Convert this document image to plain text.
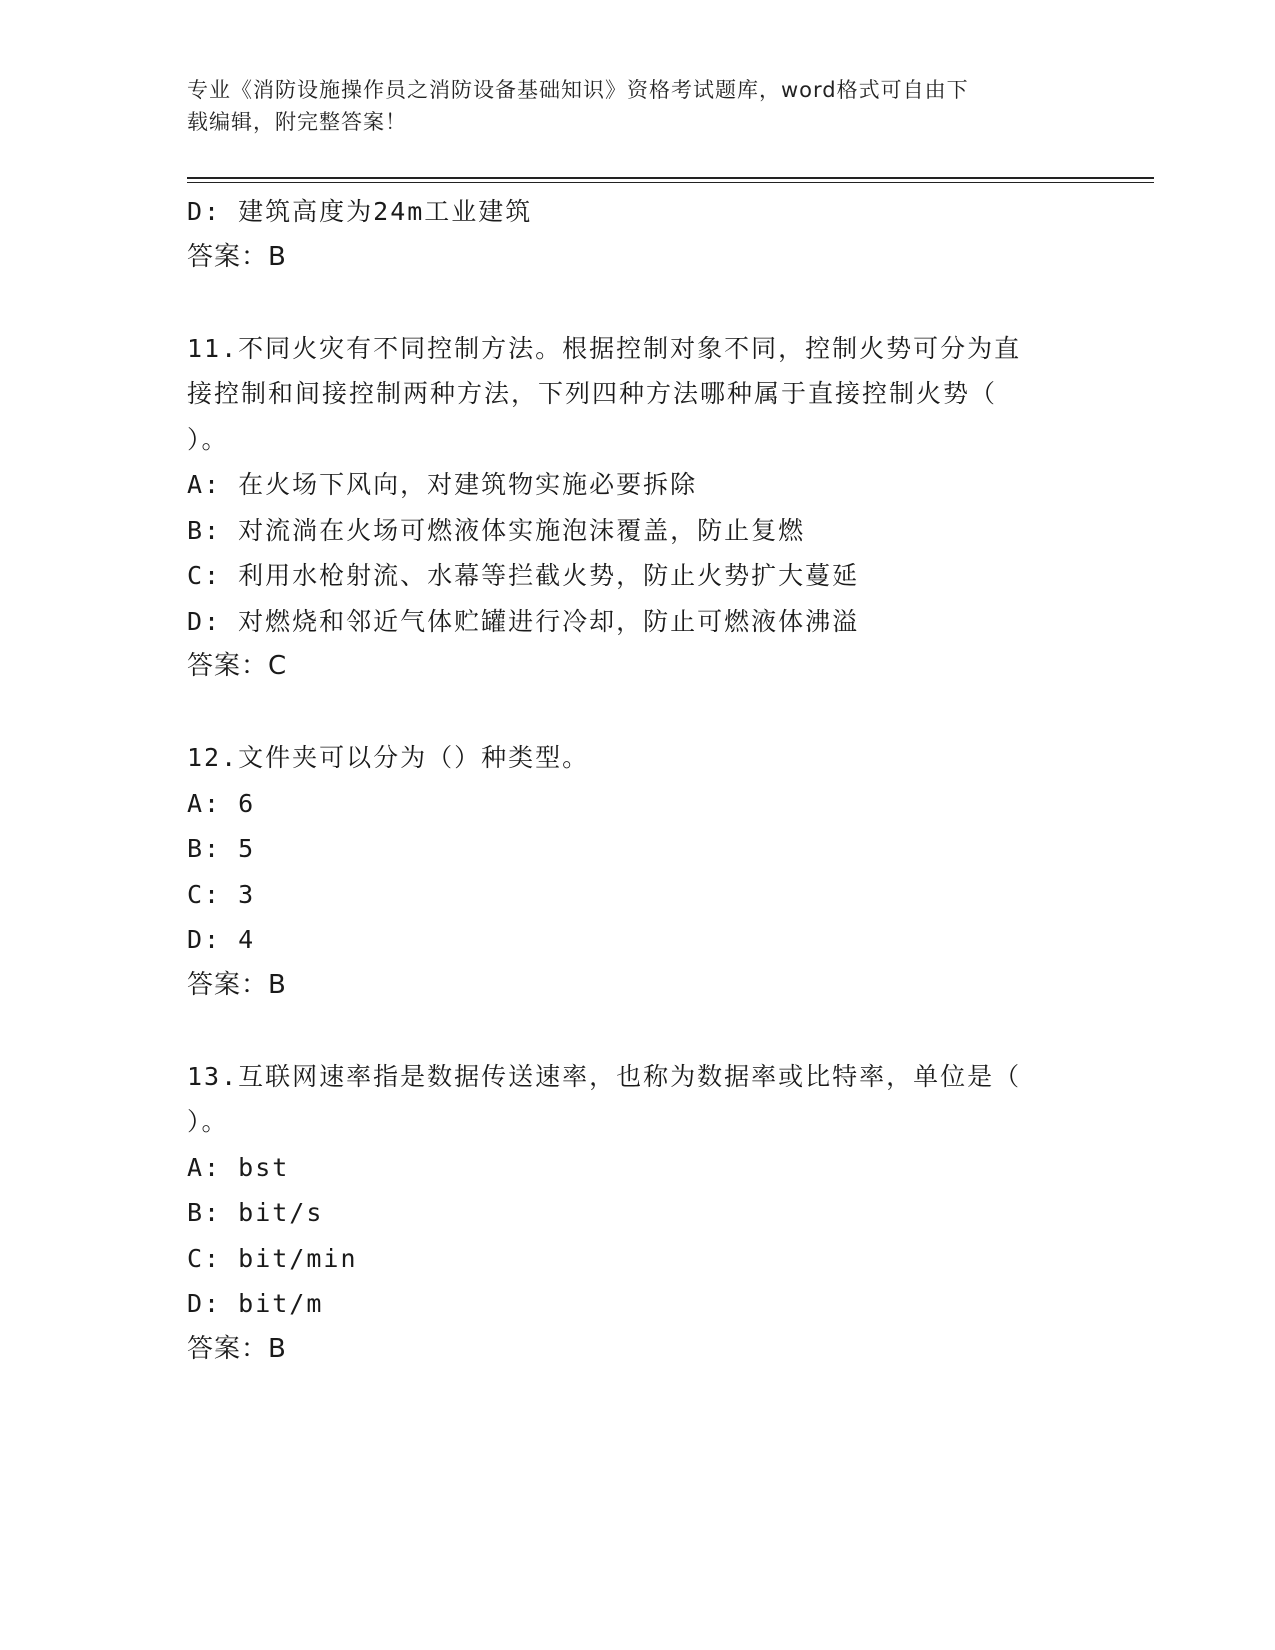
专业《消防设施操作员之消防设备基础知识》资格考试题库，word格式可自由下
载编辑，附完整答案！
D: 建筑高度为24m工业建筑
答案：B
11.不同火灾有不同控制方法。根据控制对象不同，控制火势可分为直
接控制和间接控制两种方法，下列四种方法哪种属于直接控制火势（
）。
A: 在火场下风向，对建筑物实施必要拆除
B: 对流淌在火场可燃液体实施泡沫覆盖，防止复燃
C: 利用水枪射流、水幕等拦截火势，防止火势扩大蔓延
D: 对燃烧和邻近气体贮罐进行冷却，防止可燃液体沸溢
答案：C
12.文件夹可以分为（）种类型。
A: 6
B: 5
C: 3
D: 4
答案：B
13.互联网速率指是数据传送速率，也称为数据率或比特率，单位是（
）。
A: bst
B: bit/s
C: bit/min
D: bit/m
答案：B
